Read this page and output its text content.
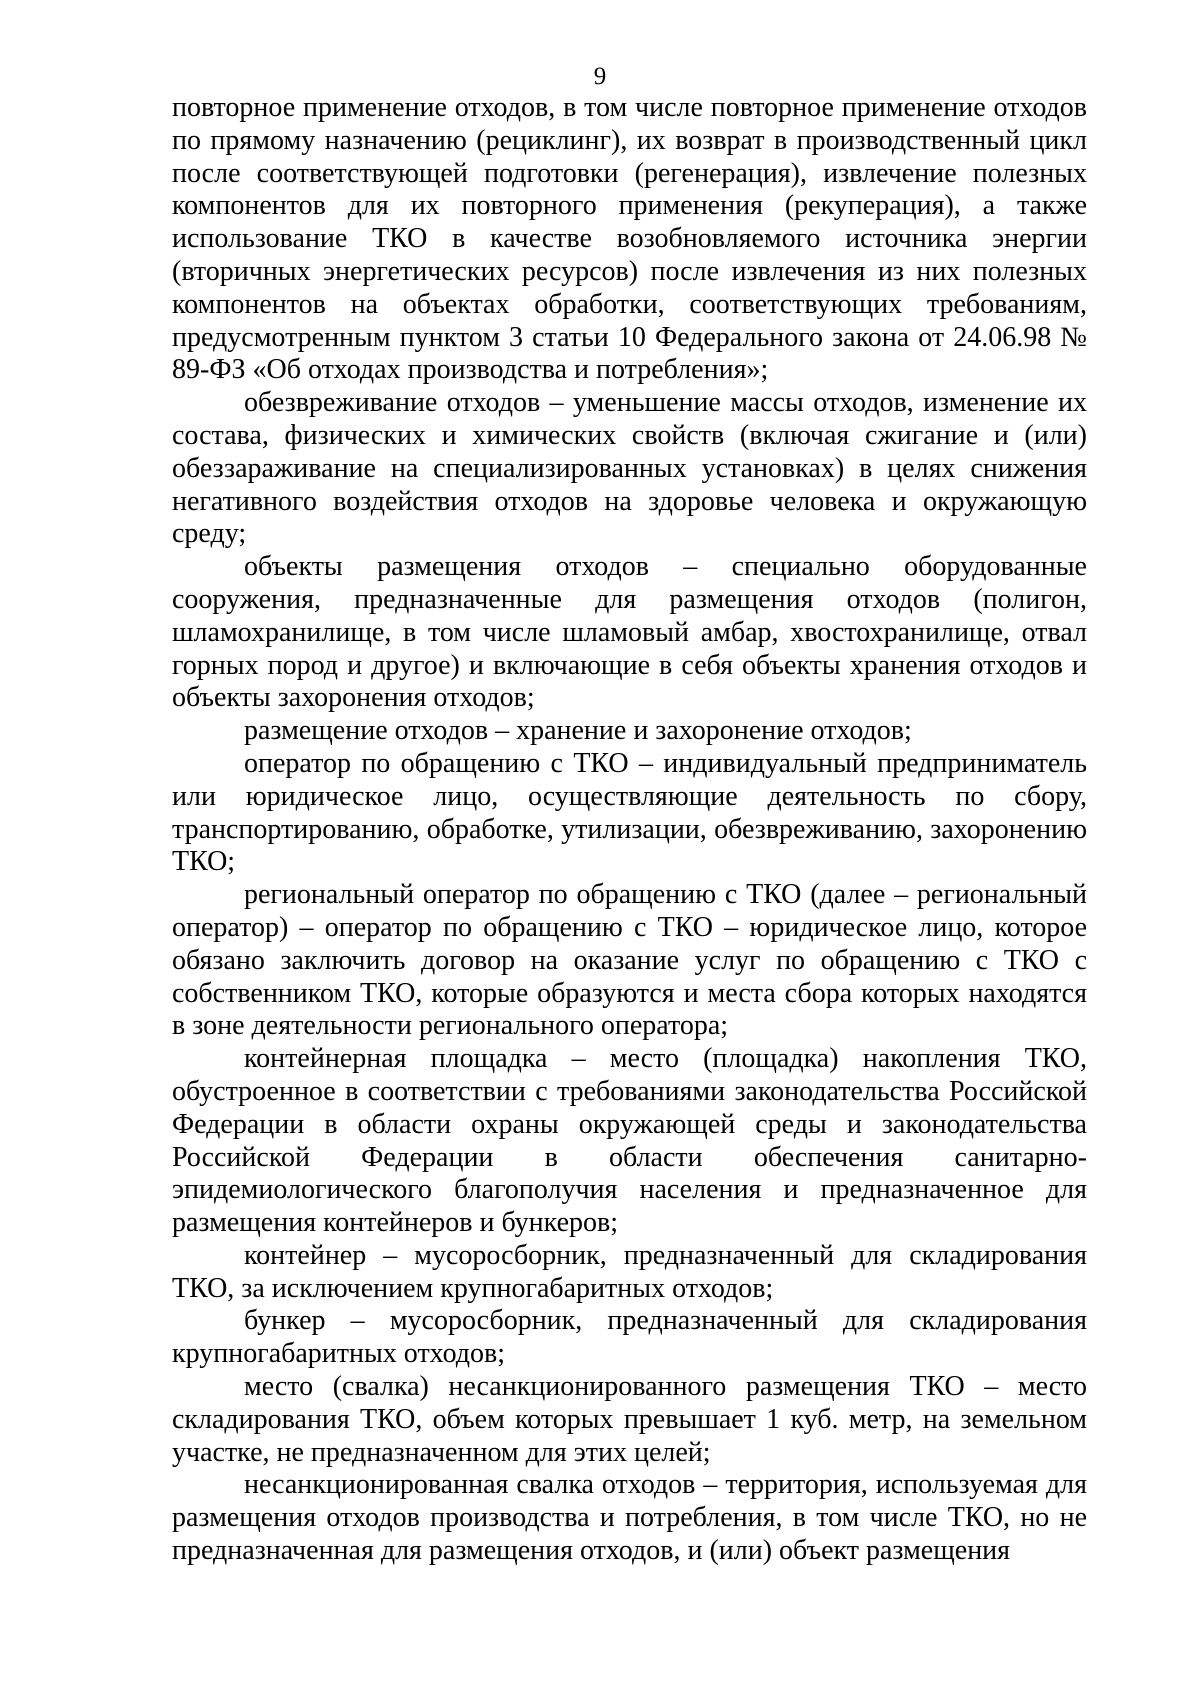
9

повторное применение отходов, в том числе повторное применение отходов по прямому назначению (рециклинг), их возврат в производственный цикл после соответствующей подготовки (регенерация), извлечение полезных компонентов для их повторного применения (рекуперация), а также использование ТКО в качестве возобновляемого источника энергии (вторичных энергетических ресурсов) после извлечения из них полезных компонентов на объектах обработки, соответствующих требованиям, предусмотренным пунктом 3 статьи 10 Федерального закона от 24.06.98 № 89-ФЗ «Об отходах производства и потребления»;

обезвреживание отходов – уменьшение массы отходов, изменение их состава, физических и химических свойств (включая сжигание и (или) обеззараживание на специализированных установках) в целях снижения негативного воздействия отходов на здоровье человека и окружающую среду;

объекты размещения отходов – специально оборудованные сооружения, предназначенные для размещения отходов (полигон, шламохранилище, в том числе шламовый амбар, хвостохранилище, отвал горных пород и другое) и включающие в себя объекты хранения отходов и объекты захоронения отходов;

размещение отходов – хранение и захоронение отходов;

оператор по обращению с ТКО – индивидуальный предприниматель или юридическое лицо, осуществляющие деятельность по сбору, транспортированию, обработке, утилизации, обезвреживанию, захоронению ТКО;

региональный оператор по обращению с ТКО (далее – региональный оператор) – оператор по обращению с ТКО – юридическое лицо, которое обязано заключить договор на оказание услуг по обращению с ТКО с собственником ТКО, которые образуются и места сбора которых находятся в зоне деятельности регионального оператора;

контейнерная площадка – место (площадка) накопления ТКО, обустроенное в соответствии с требованиями законодательства Российской Федерации в области охраны окружающей среды и законодательства Российской Федерации в области обеспечения санитарно-эпидемиологического благополучия населения и предназначенное для размещения контейнеров и бункеров;

контейнер – мусоросборник, предназначенный для складирования ТКО, за исключением крупногабаритных отходов;

бункер – мусоросборник, предназначенный для складирования крупногабаритных отходов;

место (свалка) несанкционированного размещения ТКО – место складирования ТКО, объем которых превышает 1 куб. метр, на земельном участке, не предназначенном для этих целей;

несанкционированная свалка отходов – территория, используемая для размещения отходов производства и потребления, в том числе ТКО, но не предназначенная для размещения отходов, и (или) объект размещения
